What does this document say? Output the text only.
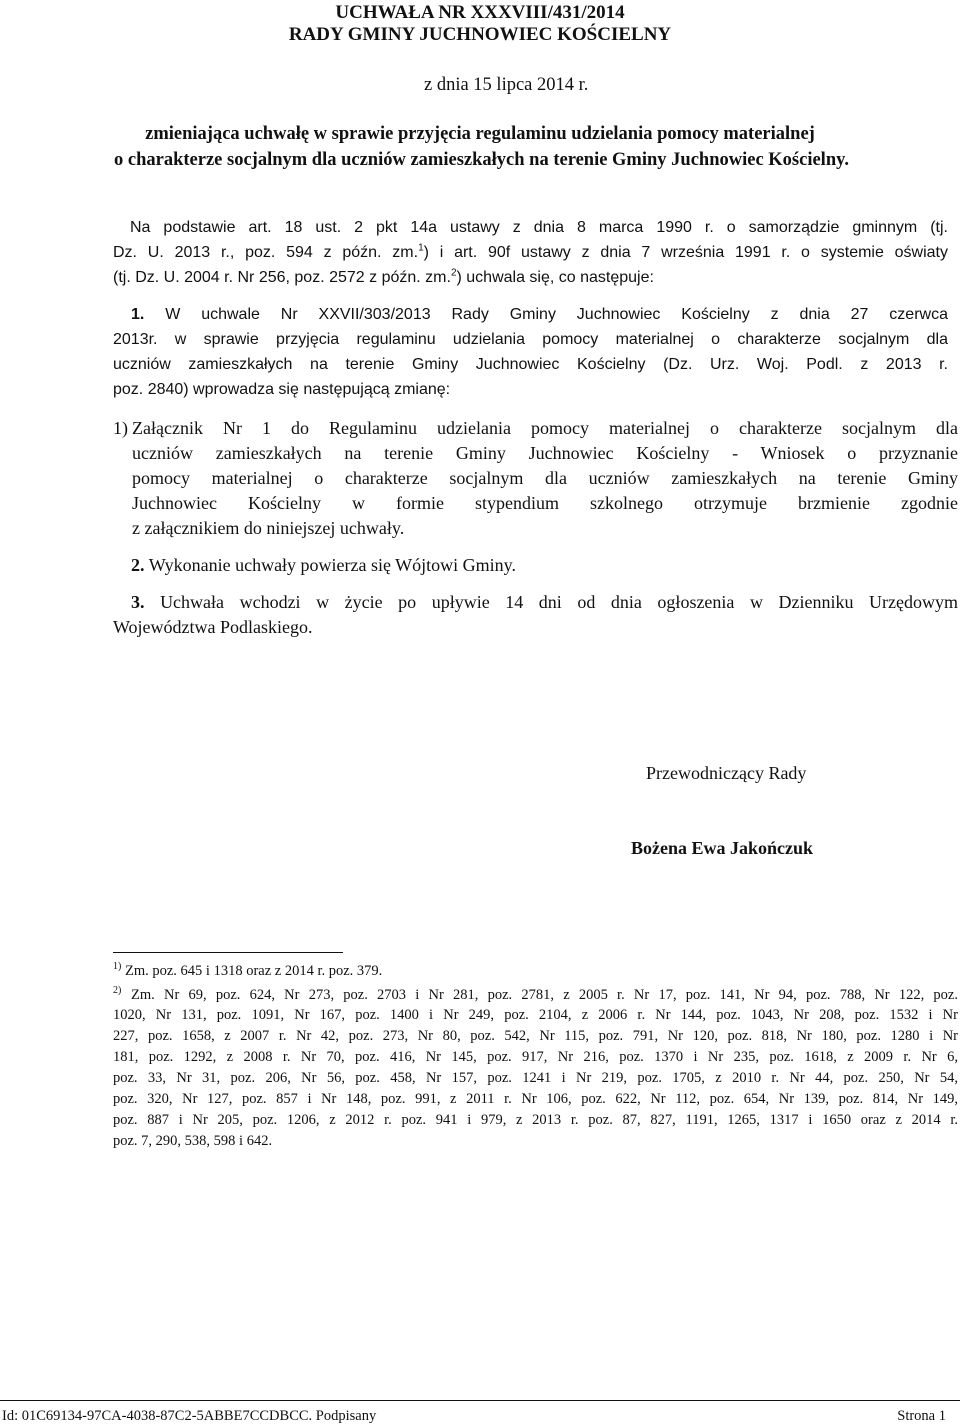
UCHWAŁA NR XXXVIII/431/2014
RADY GMINY JUCHNOWIEC KOŚCIELNY
z dnia 15 lipca 2014 r.
zmieniająca uchwałę w sprawie przyjęcia regulaminu udzielania pomocy materialnej
o charakterze socjalnym dla uczniów zamieszkałych na terenie Gminy Juchnowiec Kościelny.
Na podstawie art. 18 ust. 2 pkt 14a ustawy z dnia 8 marca 1990 r. o samorządzie gminnym (tj.
Dz. U. 2013 r., poz. 594 z późn. zm.$^1$) i art. 90f ustawy z dnia 7 września 1991 r. o systemie oświaty
(tj. Dz. U. 2004 r. Nr 256, poz. 2572 z późn. zm.$^2$) uchwala się, co następuje:
1. W uchwale Nr XXVII/303/2013 Rady Gminy Juchnowiec Kościelny z dnia 27 czerwca
2013r. w sprawie przyjęcia regulaminu udzielania pomocy materialnej o charakterze socjalnym dla
uczniów zamieszkałych na terenie Gminy Juchnowiec Kościelny (Dz. Urz. Woj. Podl. z 2013 r.
poz. 2840) wprowadza się następującą zmianę:
1) Załącznik Nr 1 do Regulaminu udzielania pomocy materialnej o charakterze socjalnym dla
uczniów zamieszkałych na terenie Gminy Juchnowiec Kościelny - Wniosek o przyznanie
pomocy materialnej o charakterze socjalnym dla uczniów zamieszkałych na terenie Gminy
Juchnowiec Kościelny w formie stypendium szkolnego otrzymuje brzmienie zgodnie
z załącznikiem do niniejszej uchwały.
2. Wykonanie uchwały powierza się Wójtowi Gminy.
3. Uchwała wchodzi w życie po upływie 14 dni od dnia ogłoszenia w Dzienniku Urzędowym
Województwa Podlaskiego.
Przewodniczący Rady
Bożena Ewa Jakończuk
$^{1)}$ Zm. poz. 645 i 1318 oraz z 2014 r. poz. 379.
$^{2)}$ Zm. Nr 69, poz. 624, Nr 273, poz. 2703 i Nr 281, poz. 2781, z 2005 r. Nr 17, poz. 141, Nr 94, poz. 788, Nr 122, poz.
1020, Nr 131, poz. 1091, Nr 167, poz. 1400 i Nr 249, poz. 2104, z 2006 r. Nr 144, poz. 1043, Nr 208, poz. 1532 i Nr
227, poz. 1658, z 2007 r. Nr 42, poz. 273, Nr 80, poz. 542, Nr 115, poz. 791, Nr 120, poz. 818, Nr 180, poz. 1280 i Nr
181, poz. 1292, z 2008 r. Nr 70, poz. 416, Nr 145, poz. 917, Nr 216, poz. 1370 i Nr 235, poz. 1618, z 2009 r. Nr 6,
poz. 33, Nr 31, poz. 206, Nr 56, poz. 458, Nr 157, poz. 1241 i Nr 219, poz. 1705, z 2010 r. Nr 44, poz. 250, Nr 54,
poz. 320, Nr 127, poz. 857 i Nr 148, poz. 991, z 2011 r. Nr 106, poz. 622, Nr 112, poz. 654, Nr 139, poz. 814, Nr 149,
poz. 887 i Nr 205, poz. 1206, z 2012 r. poz. 941 i 979, z 2013 r. poz. 87, 827, 1191, 1265, 1317 i 1650 oraz z 2014 r.
poz. 7, 290, 538, 598 i 642.
Id: 01C69134-97CA-4038-87C2-5ABBE7CCDBCC. Podpisany	Strona 1
